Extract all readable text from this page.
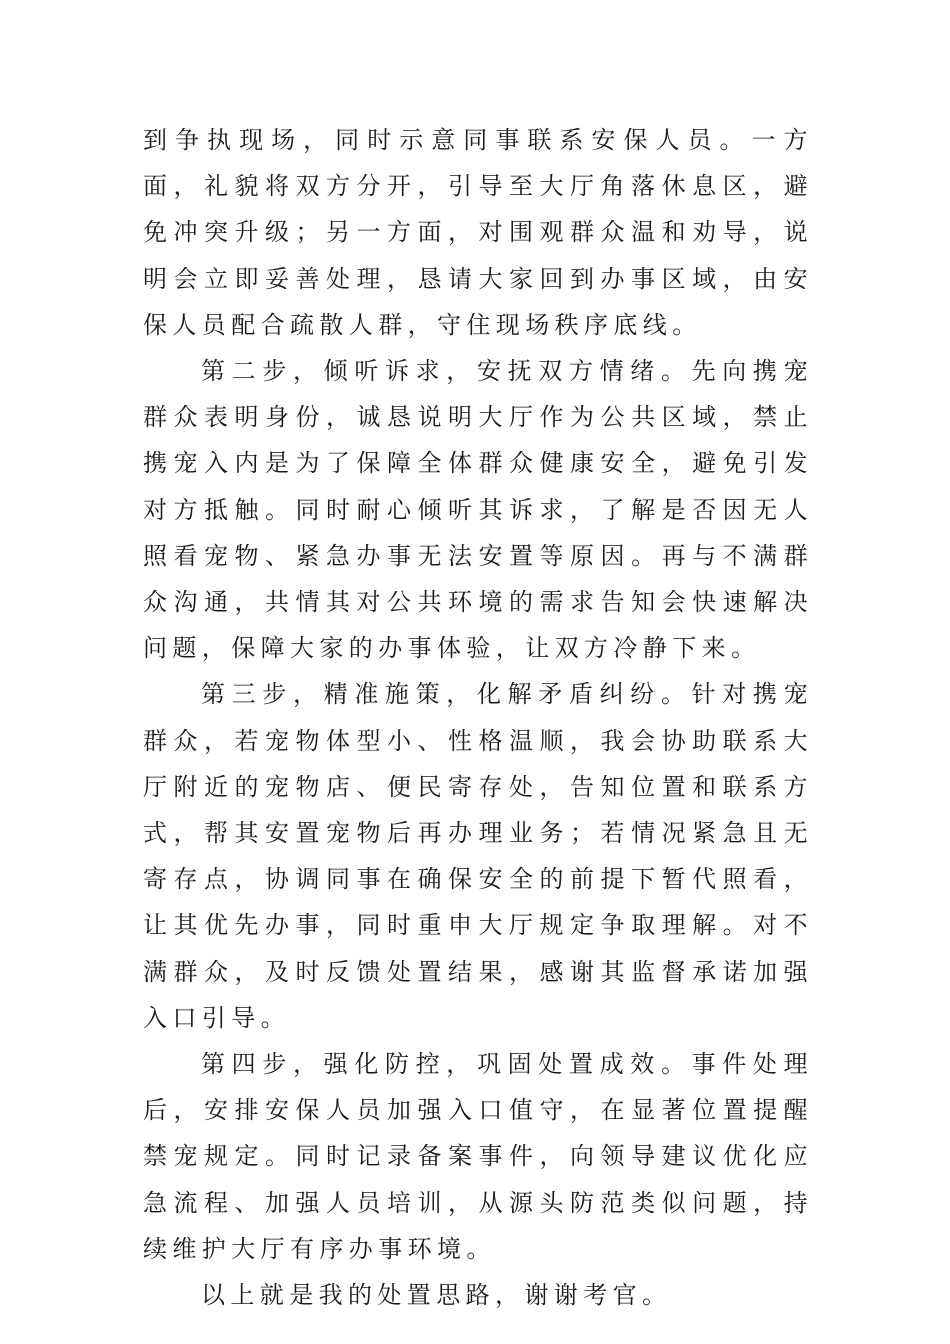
到争执现场，同时示意同事联系安保人员。一方面，礼貌将双方分开，引导至大厅角落休息区，避免冲突升级；另一方面，对围观群众温和劝导，说明会立即妥善处理，恳请大家回到办事区域，由安保人员配合疏散人群，守住现场秩序底线。

第二步，倾听诉求，安抚双方情绪。先向携宠群众表明身份，诚恳说明大厅作为公共区域，禁止携宠入内是为了保障全体群众健康安全，避免引发对方抵触。同时耐心倾听其诉求，了解是否因无人照看宠物、紧急办事无法安置等原因。再与不满群众沟通，共情其对公共环境的需求告知会快速解决问题，保障大家的办事体验，让双方冷静下来。

第三步，精准施策，化解矛盾纠纷。针对携宠群众，若宠物体型小、性格温顺，我会协助联系大厅附近的宠物店、便民寄存处，告知位置和联系方式，帮其安置宠物后再办理业务；若情况紧急且无寄存点，协调同事在确保安全的前提下暂代照看，让其优先办事，同时重申大厅规定争取理解。对不满群众，及时反馈处置结果，感谢其监督承诺加强入口引导。

第四步，强化防控，巩固处置成效。事件处理后，安排安保人员加强入口值守，在显著位置提醒禁宠规定。同时记录备案事件，向领导建议优化应急流程、加强人员培训，从源头防范类似问题，持续维护大厅有序办事环境。

以上就是我的处置思路，谢谢考官。
